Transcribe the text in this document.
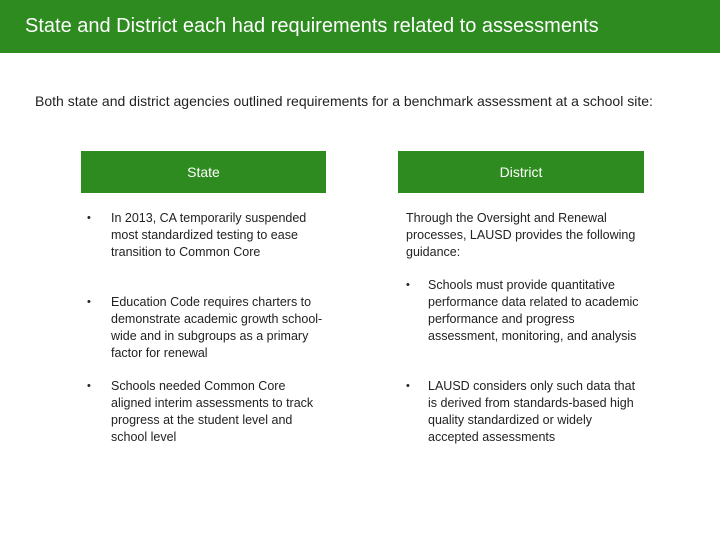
State and District each had requirements related to assessments
Both state and district agencies outlined requirements for a benchmark assessment at a school site:
State	District
• In 2013, CA temporarily suspended most standardized testing to ease transition to Common Core
• Education Code requires charters to demonstrate academic growth school-wide and in subgroups as a primary factor for renewal
• Schools needed Common Core aligned interim assessments to track progress at the student level and school level
Through the Oversight and Renewal processes, LAUSD provides the following guidance:
• Schools must provide quantitative performance data related to academic performance and progress assessment, monitoring, and analysis
• LAUSD considers only such data that is derived from standards-based high quality standardized or widely accepted assessments
